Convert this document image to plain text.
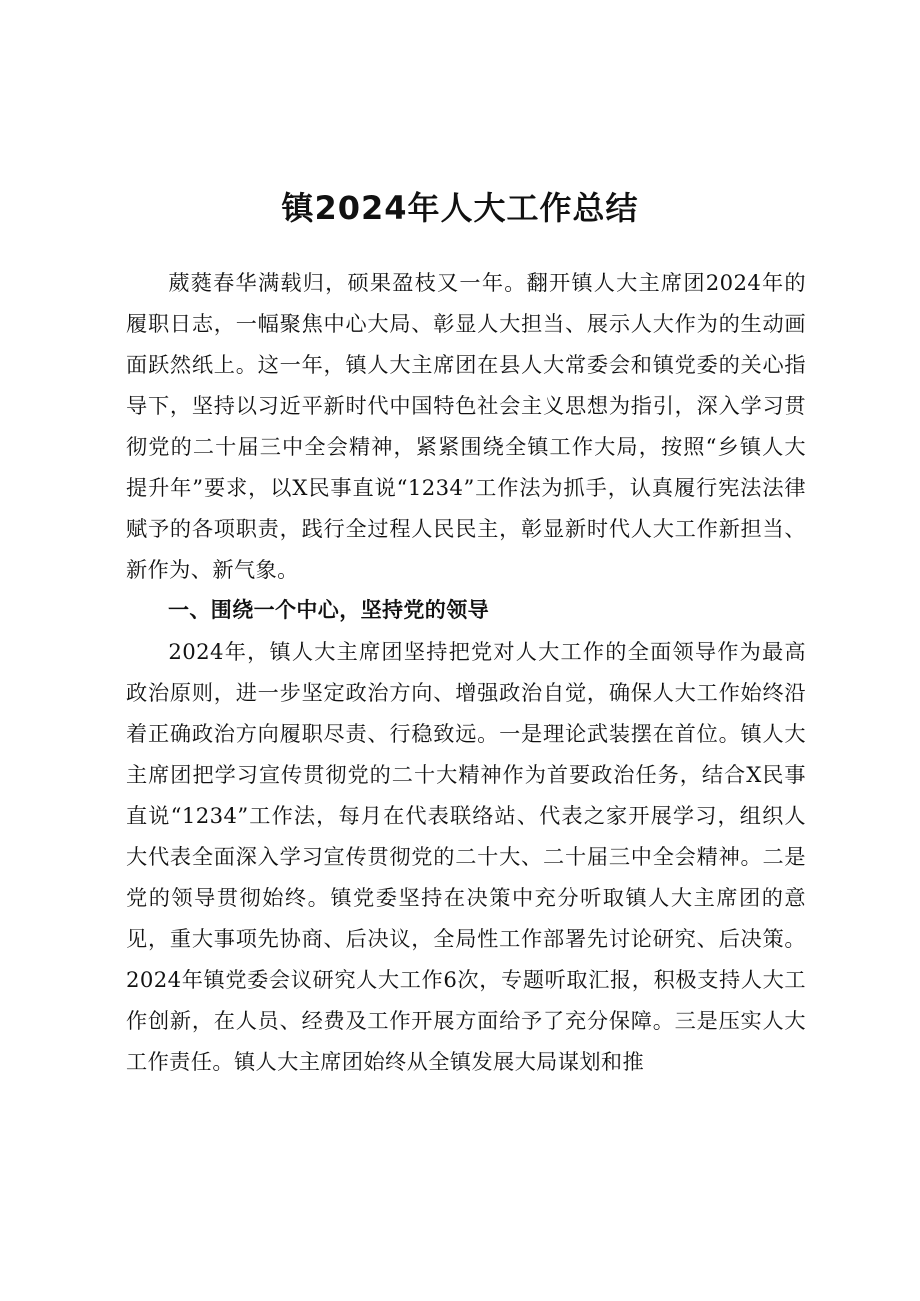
镇2024年人大工作总结

葳蕤春华满载归，硕果盈枝又一年。翻开镇人大主席团2024年的履职日志，一幅聚焦中心大局、彰显人大担当、展示人大作为的生动画面跃然纸上。这一年，镇人大主席团在县人大常委会和镇党委的关心指导下，坚持以习近平新时代中国特色社会主义思想为指引，深入学习贯彻党的二十届三中全会精神，紧紧围绕全镇工作大局，按照“乡镇人大提升年”要求，以X民事直说“1234”工作法为抓手，认真履行宪法法律赋予的各项职责，践行全过程人民民主，彰显新时代人大工作新担当、新作为、新气象。

一、围绕一个中心，坚持党的领导

2024年，镇人大主席团坚持把党对人大工作的全面领导作为最高政治原则，进一步坚定政治方向、增强政治自觉，确保人大工作始终沿着正确政治方向履职尽责、行稳致远。一是理论武装摆在首位。镇人大主席团把学习宣传贯彻党的二十大精神作为首要政治任务，结合X民事直说“1234”工作法，每月在代表联络站、代表之家开展学习，组织人大代表全面深入学习宣传贯彻党的二十大、二十届三中全会精神。二是党的领导贯彻始终。镇党委坚持在决策中充分听取镇人大主席团的意见，重大事项先协商、后决议，全局性工作部署先讨论研究、后决策。2024年镇党委会议研究人大工作6次，专题听取汇报，积极支持人大工作创新，在人员、经费及工作开展方面给予了充分保障。三是压实人大工作责任。镇人大主席团始终从全镇发展大局谋划和推
